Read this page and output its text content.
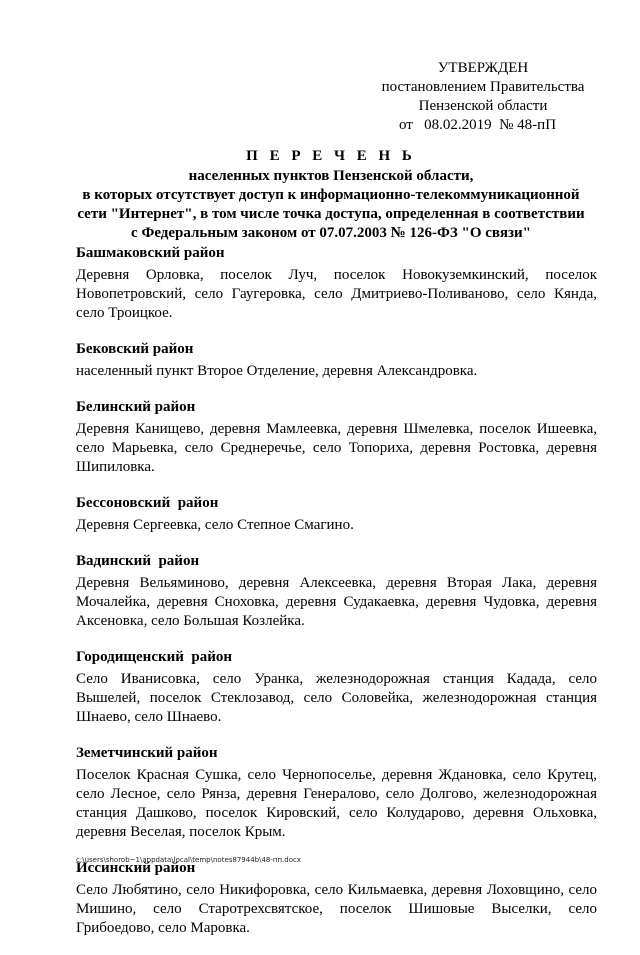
УТВЕРЖДЕН
постановлением Правительства
Пензенской области
от   08.02.2019  № 48-пП
П Е Р Е Ч Е Н Ь
населенных пунктов Пензенской области,
в которых отсутствует доступ к информационно-телекоммуникационной
сети "Интернет", в том числе точка доступа, определенная в соответствии
с Федеральным законом от 07.07.2003 № 126-ФЗ "О связи"
Башмаковский район
Деревня Орловка, поселок Луч, поселок Новокуземкинский, поселок Новопетровский, село Гаугеровка, село Дмитриево-Поливаново, село Кянда, село Троицкое.
Бековский район
населенный пункт Второе Отделение, деревня Александровка.
Белинский район
Деревня Канищево, деревня Мамлеевка, деревня Шмелевка, поселок Ишеевка, село Марьевка, село Среднеречье, село Топориха, деревня Ростовка, деревня Шипиловка.
Бессоновский  район
Деревня Сергеевка, село Степное Смагино.
Вадинский  район
Деревня Вельяминово, деревня Алексеевка, деревня Вторая Лака, деревня Мочалейка, деревня Сноховка, деревня Судакаевка, деревня Чудовка, деревня Аксеновка, село Большая Козлейка.
Городищенский  район
Село Иванисовка, село Уранка, железнодорожная станция Кадада, село Вышелей, поселок Стеклозавод, село Соловейка, железнодорожная станция Шнаево, село Шнаево.
Земетчинский район
Поселок Красная Сушка, село Чернопоселье, деревня Ждановка, село Крутец, село Лесное, село Рянза, деревня Генералово, село Долгово, железнодорожная станция Дашково, поселок Кировский, село Колударово, деревня Ольховка, деревня Веселая, поселок Крым.
Иссинский район
Село Любятино, село Никифоровка, село Кильмаевка, деревня Лоховщино, село Мишино, село Старотрехсвятское, поселок Шишовые Выселки, село Грибоедово, село Маровка.
c:\users\shorob~1\appdata\local\temp\notes87944b\48-пп.docx
